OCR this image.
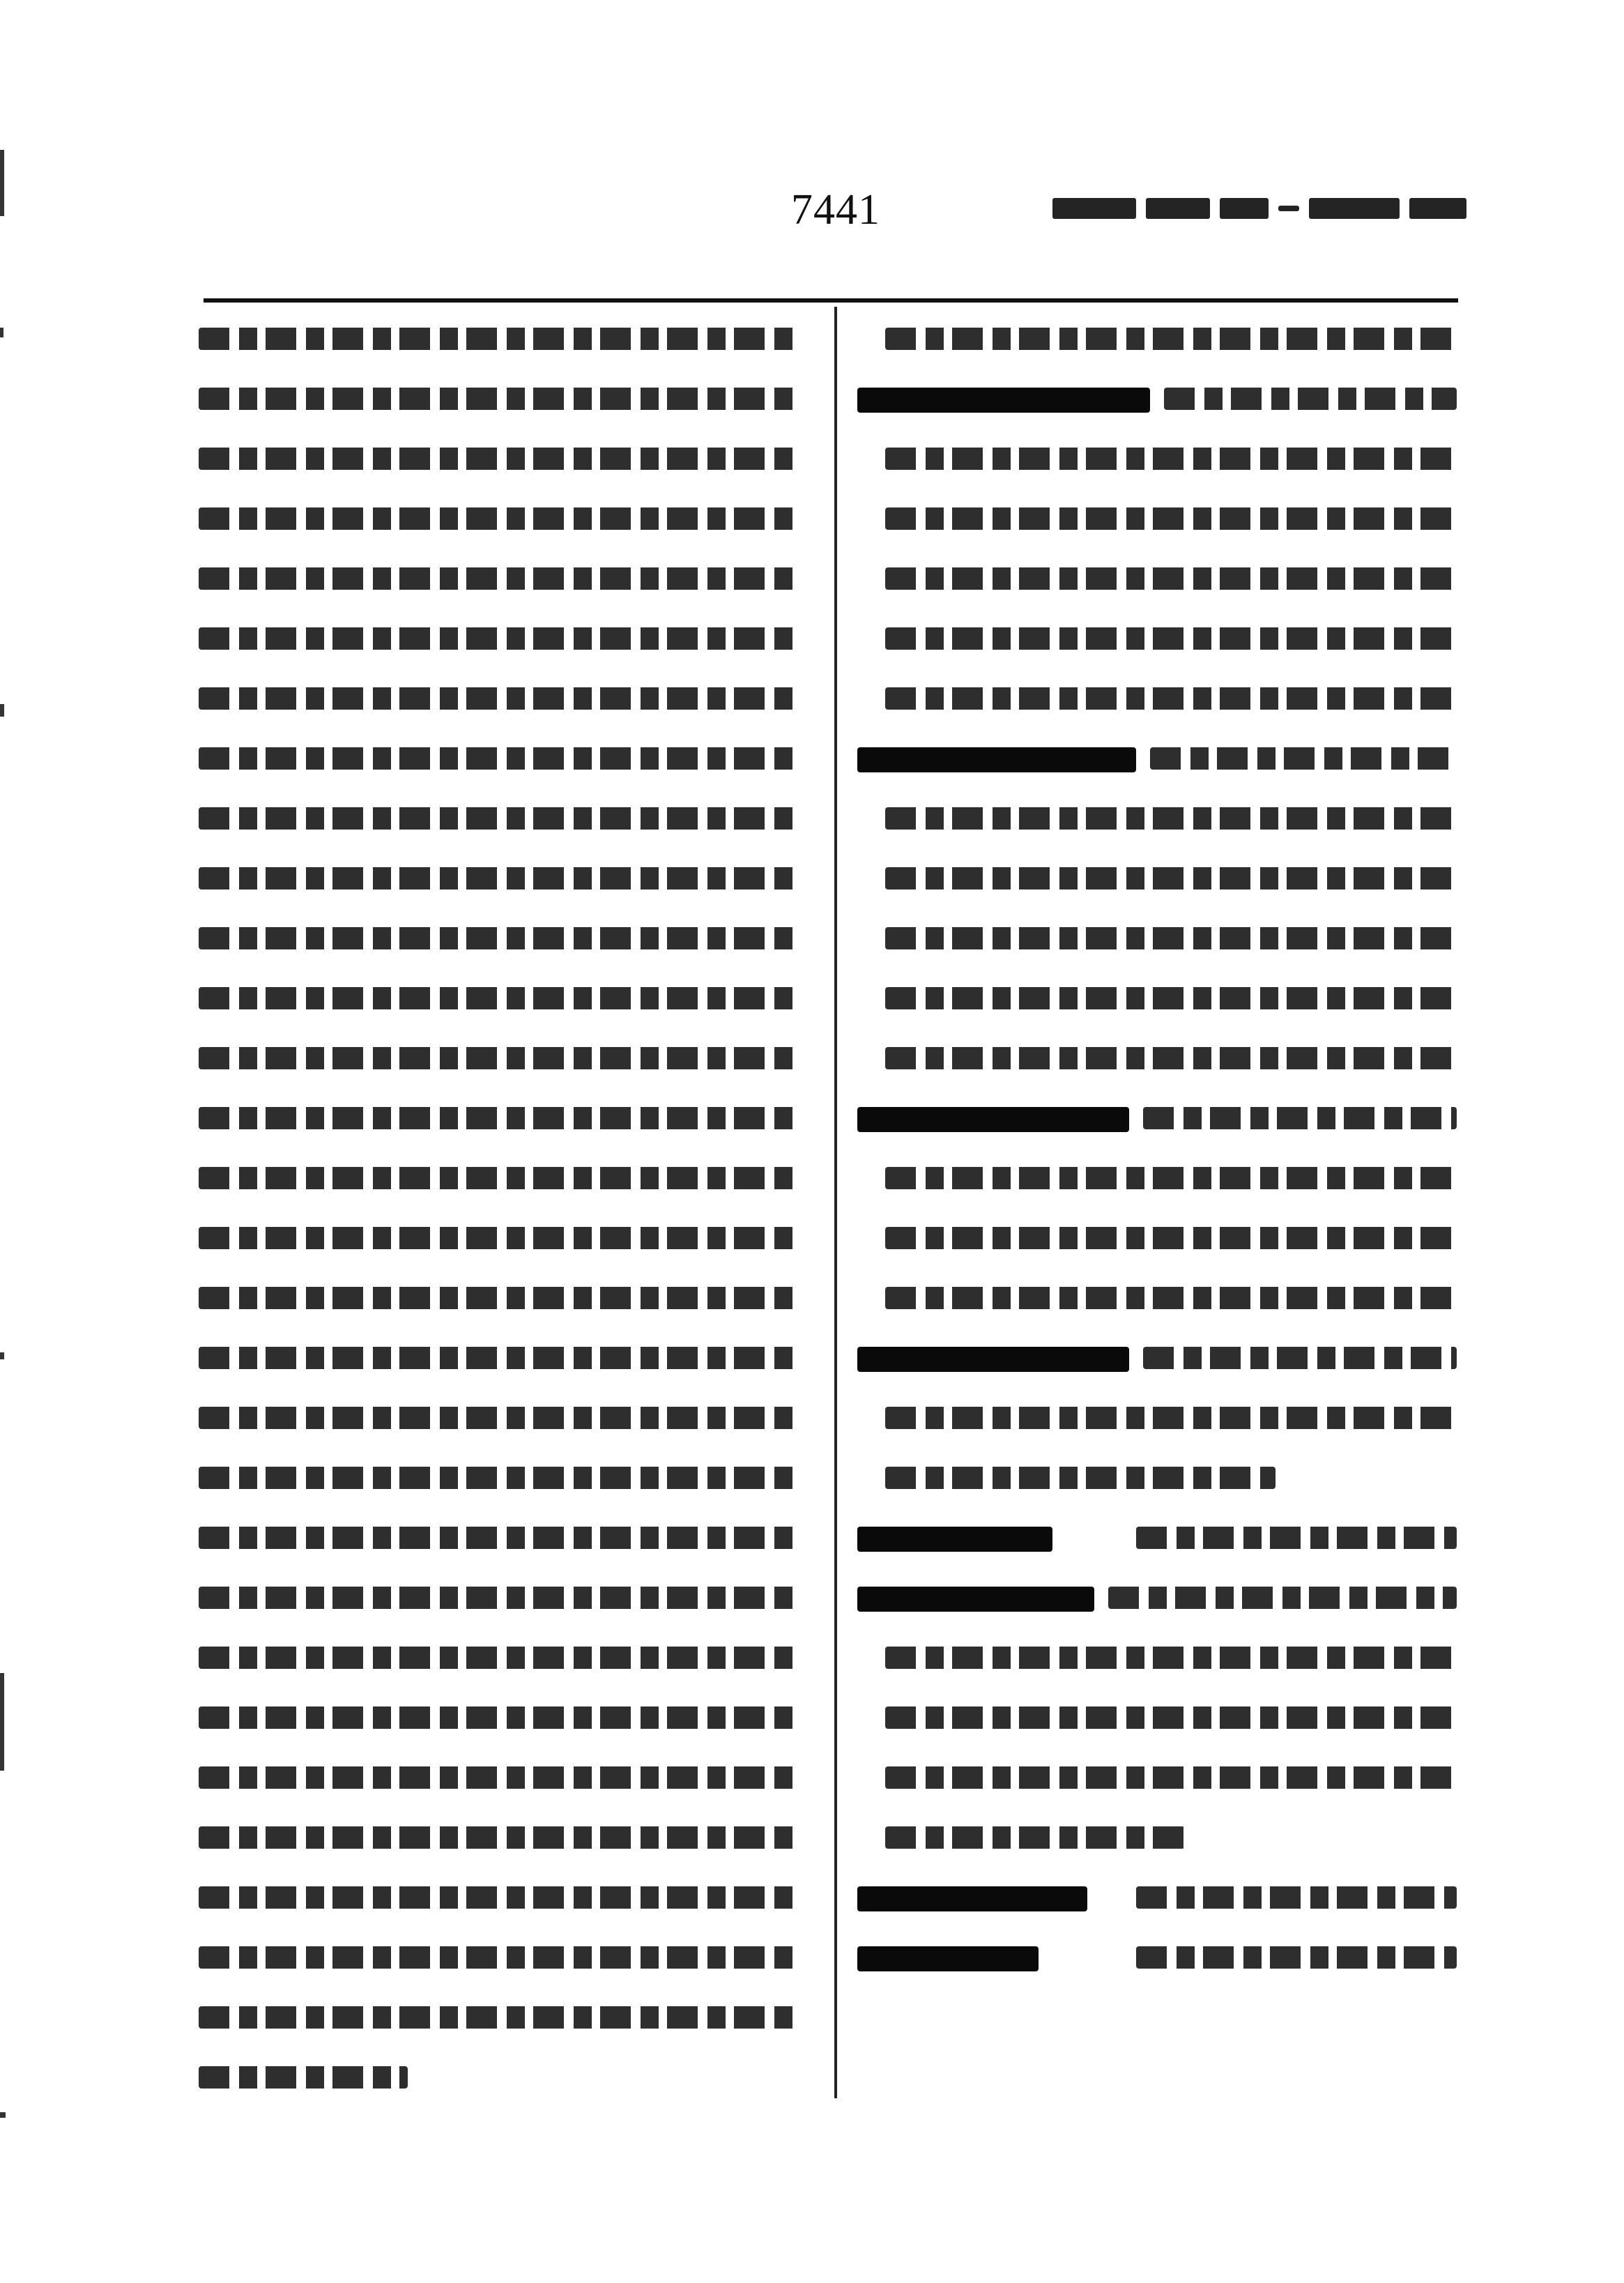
7441
